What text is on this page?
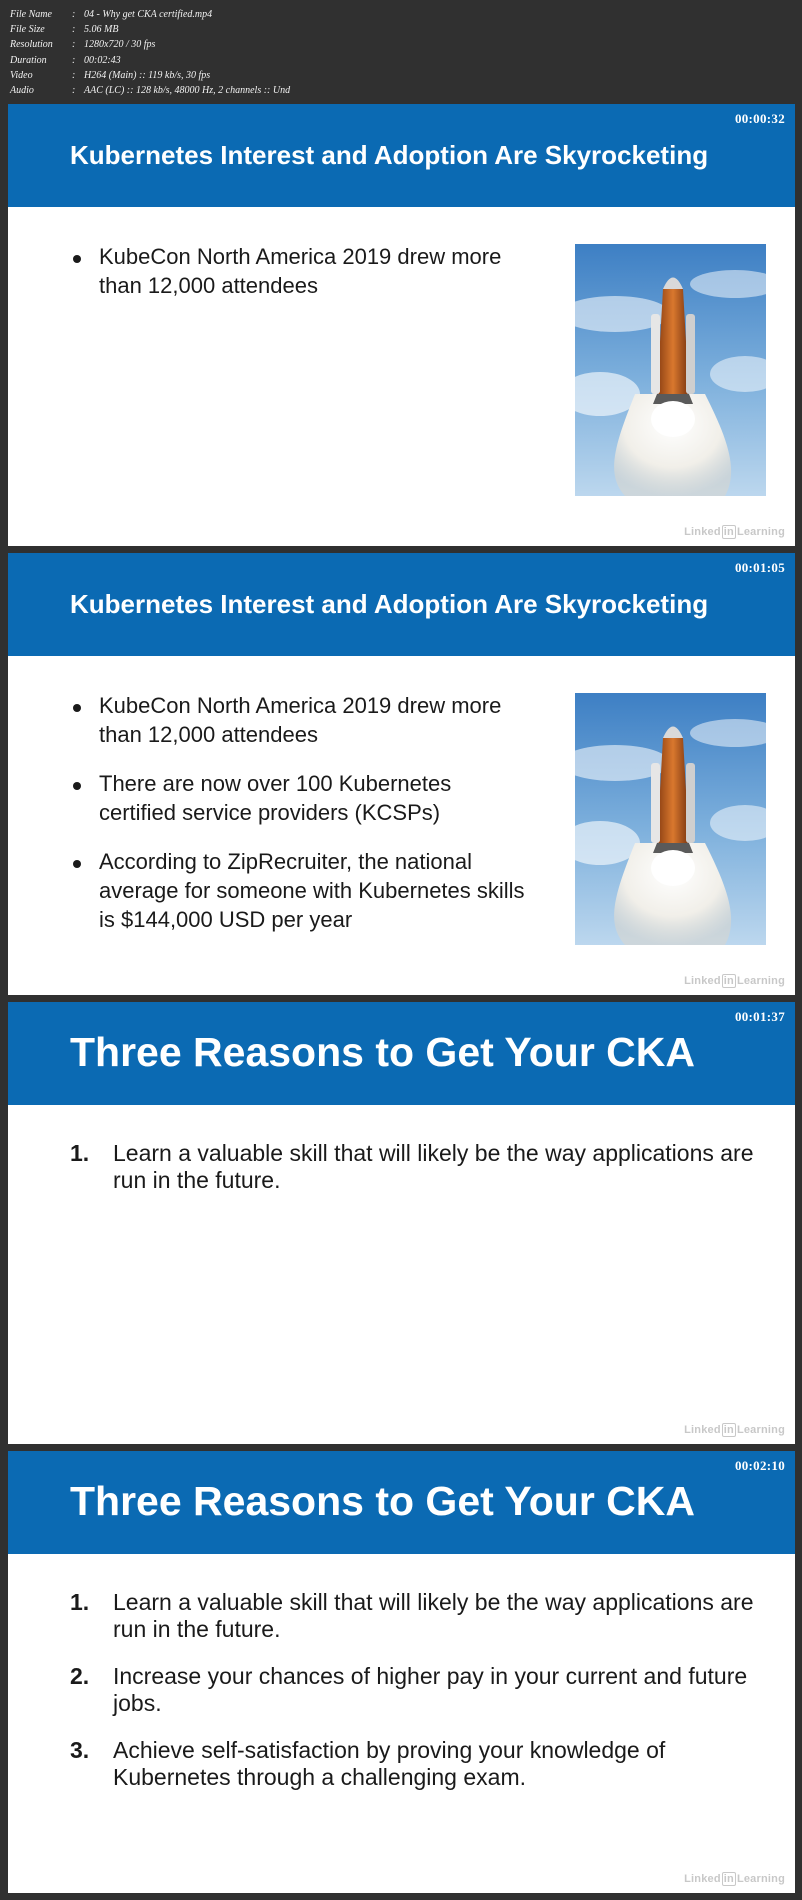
File Name	: 04 - Why get CKA certified.mp4
File Size	: 5.06 MB
Resolution	: 1280x720 / 30 fps
Duration	: 00:02:43
Video	: H264 (Main) :: 119 kb/s, 30 fps
Audio	: AAC (LC) :: 128 kb/s, 48000 Hz, 2 channels :: Und
00:00:32
Kubernetes Interest and Adoption Are Skyrocketing
KubeCon North America 2019 drew more than 12,000 attendees
Linked in Learning
00:01:05
Kubernetes Interest and Adoption Are Skyrocketing
KubeCon North America 2019 drew more than 12,000 attendees
There are now over 100 Kubernetes certified service providers (KCSPs)
According to ZipRecruiter, the national average for someone with Kubernetes skills is $144,000 USD per year
Linked in Learning
00:01:37
Three Reasons to Get Your CKA
1. Learn a valuable skill that will likely be the way applications are run in the future.
Linked in Learning
00:02:10
Three Reasons to Get Your CKA
1. Learn a valuable skill that will likely be the way applications are run in the future.
2. Increase your chances of higher pay in your current and future jobs.
3. Achieve self-satisfaction by proving your knowledge of Kubernetes through a challenging exam.
Linked in Learning
